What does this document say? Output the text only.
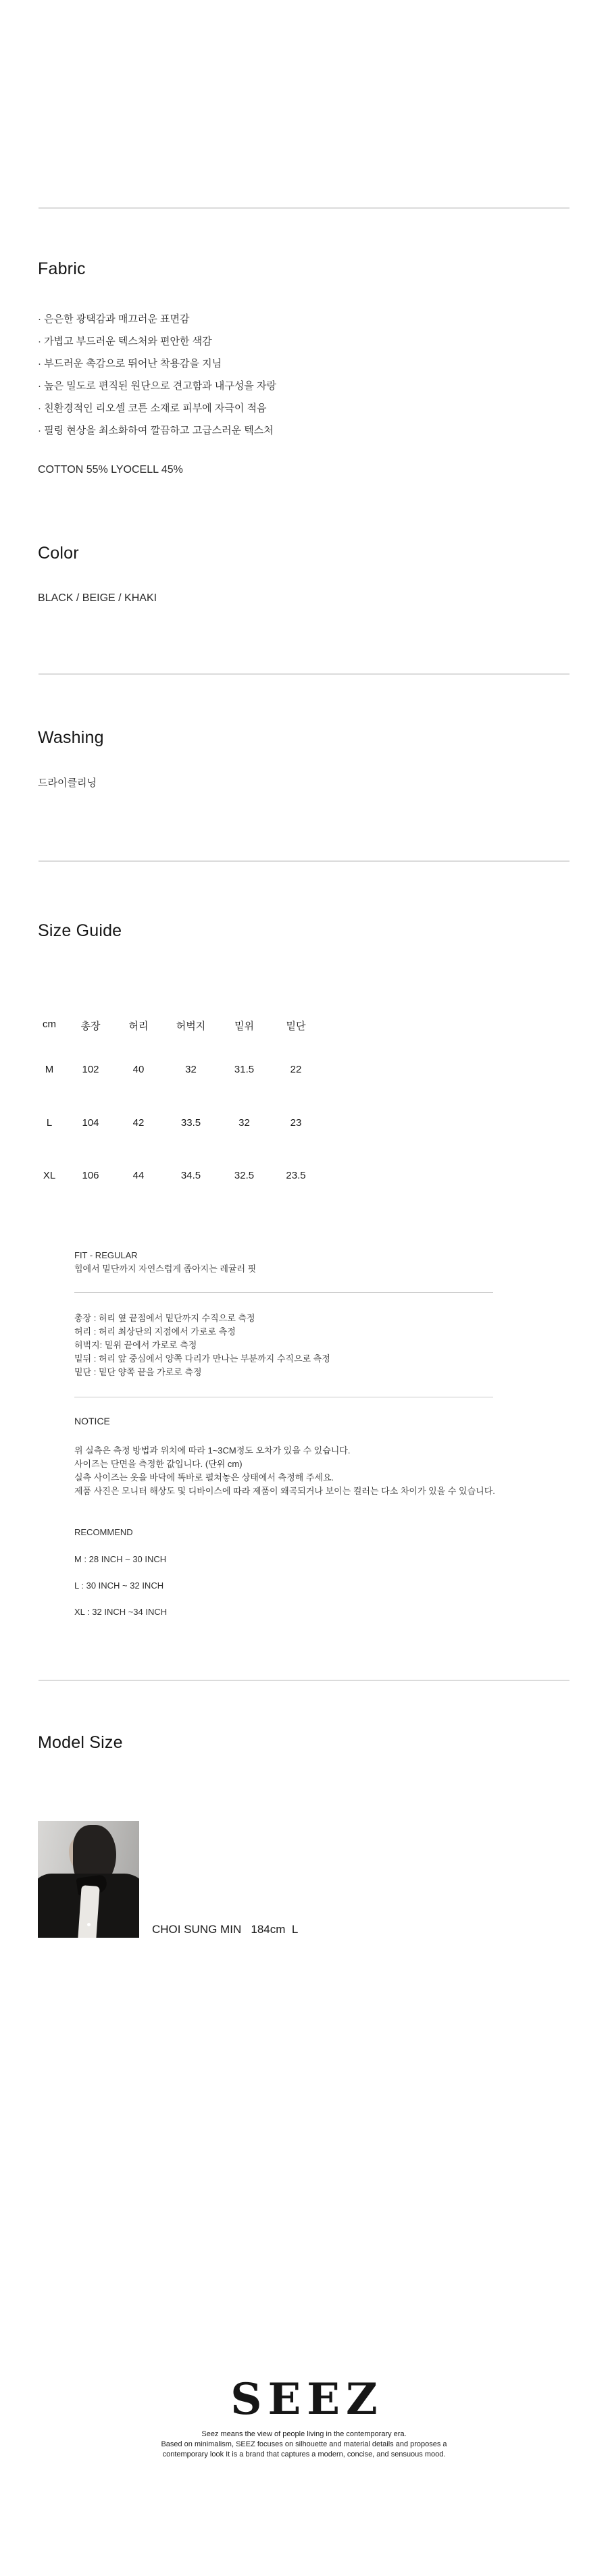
Fabric
· 은은한 광택감과 매끄러운 표면감
· 가볍고 부드러운 텍스처와 편안한 색감
· 부드러운 촉감으로 뛰어난 착용감을 지님
· 높은 밀도로 편직된 원단으로 견고함과 내구성을 자랑
· 친환경적인 리오셀 코튼 소재로 피부에 자극이 적음
· 필링 현상을 최소화하여 깔끔하고 고급스러운 텍스처
COTTON 55% LYOCELL 45%
Color
BLACK / BEIGE / KHAKI
Washing
드라이클리닝
Size Guide
cm	총장	허리	허벅지	밑위	밑단
M	102	40	32	31.5	22
L	104	42	33.5	32	23
XL	106	44	34.5	32.5	23.5
FIT - REGULAR
힙에서 밑단까지 자연스럽게 좁아지는 레귤러 핏
총장 : 허리 옆 끝점에서 밑단까지 수직으로 측정
허리 : 허리 최상단의 지점에서 가로로 측정
허벅지: 밑위 끝에서 가로로 측정
밑뒤 : 허리 앞 중심에서 양쪽 다리가 만나는 부분까지 수직으로 측정
밑단 : 밑단 양쪽 끝을 가로로 측정
NOTICE
위 실측은 측정 방법과 위치에 따라 1~3CM정도 오차가 있을 수 있습니다.
사이즈는 단면을 측정한 값입니다. (단위 cm)
실측 사이즈는 옷을 바닥에 똑바로 펼쳐놓은 상태에서 측정해 주세요.
제품 사진은 모니터 해상도 및 디바이스에 따라 제품이 왜곡되거나 보이는 컬러는 다소 차이가 있을 수 있습니다.
RECOMMEND
M : 28 INCH ~ 30 INCH
L : 30 INCH ~ 32 INCH
XL : 32 INCH ~34 INCH
Model Size
CHOI SUNG MIN   184cm  L
SEEZ
Seez means the view of people living in the contemporary era.
Based on minimalism, SEEZ focuses on silhouette and material details and proposes a
contemporary look It is a brand that captures a modern, concise, and sensuous mood.
